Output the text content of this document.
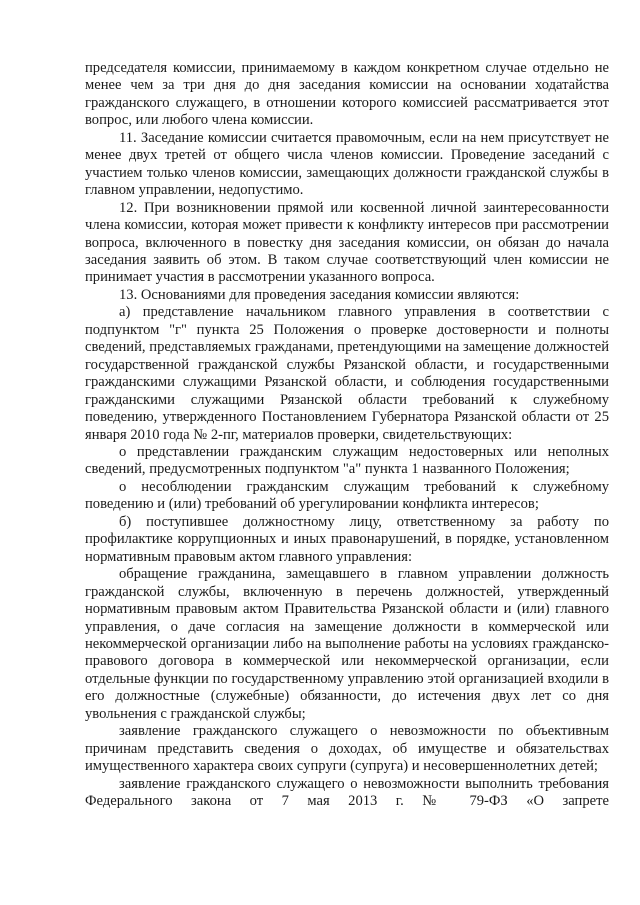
председателя комиссии, принимаемому в каждом конкретном случае отдельно не менее чем за три дня до дня заседания комиссии на основании ходатайства гражданского служащего, в отношении которого комиссией рассматривается этот вопрос, или любого члена комиссии.

11. Заседание комиссии считается правомочным, если на нем присутствует не менее двух третей от общего числа членов комиссии. Проведение заседаний с участием только членов комиссии, замещающих должности гражданской службы в главном управлении, недопустимо.

12. При возникновении прямой или косвенной личной заинтересованности члена комиссии, которая может привести к конфликту интересов при рассмотрении вопроса, включенного в повестку дня заседания комиссии, он обязан до начала заседания заявить об этом. В таком случае соответствующий член комиссии не принимает участия в рассмотрении указанного вопроса.

13. Основаниями для проведения заседания комиссии являются:

а) представление начальником главного управления в соответствии с подпунктом "г" пункта 25 Положения о проверке достоверности и полноты сведений, представляемых гражданами, претендующими на замещение должностей государственной гражданской службы Рязанской области, и государственными гражданскими служащими Рязанской области, и соблюдения государственными гражданскими служащими Рязанской области требований к служебному поведению, утвержденного Постановлением Губернатора Рязанской области от 25 января 2010 года № 2-пг, материалов проверки, свидетельствующих:

о представлении гражданским служащим недостоверных или неполных сведений, предусмотренных подпунктом "а" пункта 1 названного Положения;

о несоблюдении гражданским служащим требований к служебному поведению и (или) требований об урегулировании конфликта интересов;

б) поступившее должностному лицу, ответственному за работу по профилактике коррупционных и иных правонарушений, в порядке, установленном нормативным правовым актом главного управления:

обращение гражданина, замещавшего в главном управлении должность гражданской службы, включенную в перечень должностей, утвержденный нормативным правовым актом Правительства Рязанской области и (или) главного управления, о даче согласия на замещение должности в коммерческой или некоммерческой организации либо на выполнение работы на условиях гражданско-правового договора в коммерческой или некоммерческой организации, если отдельные функции по государственному управлению этой организацией входили в его должностные (служебные) обязанности, до истечения двух лет со дня увольнения с гражданской службы;

заявление гражданского служащего о невозможности по объективным причинам представить сведения о доходах, об имуществе и обязательствах имущественного характера своих супруги (супруга) и несовершеннолетних детей;

заявление гражданского служащего о невозможности выполнить требования Федерального закона от 7 мая 2013 г. № 79-ФЗ «О запрете
